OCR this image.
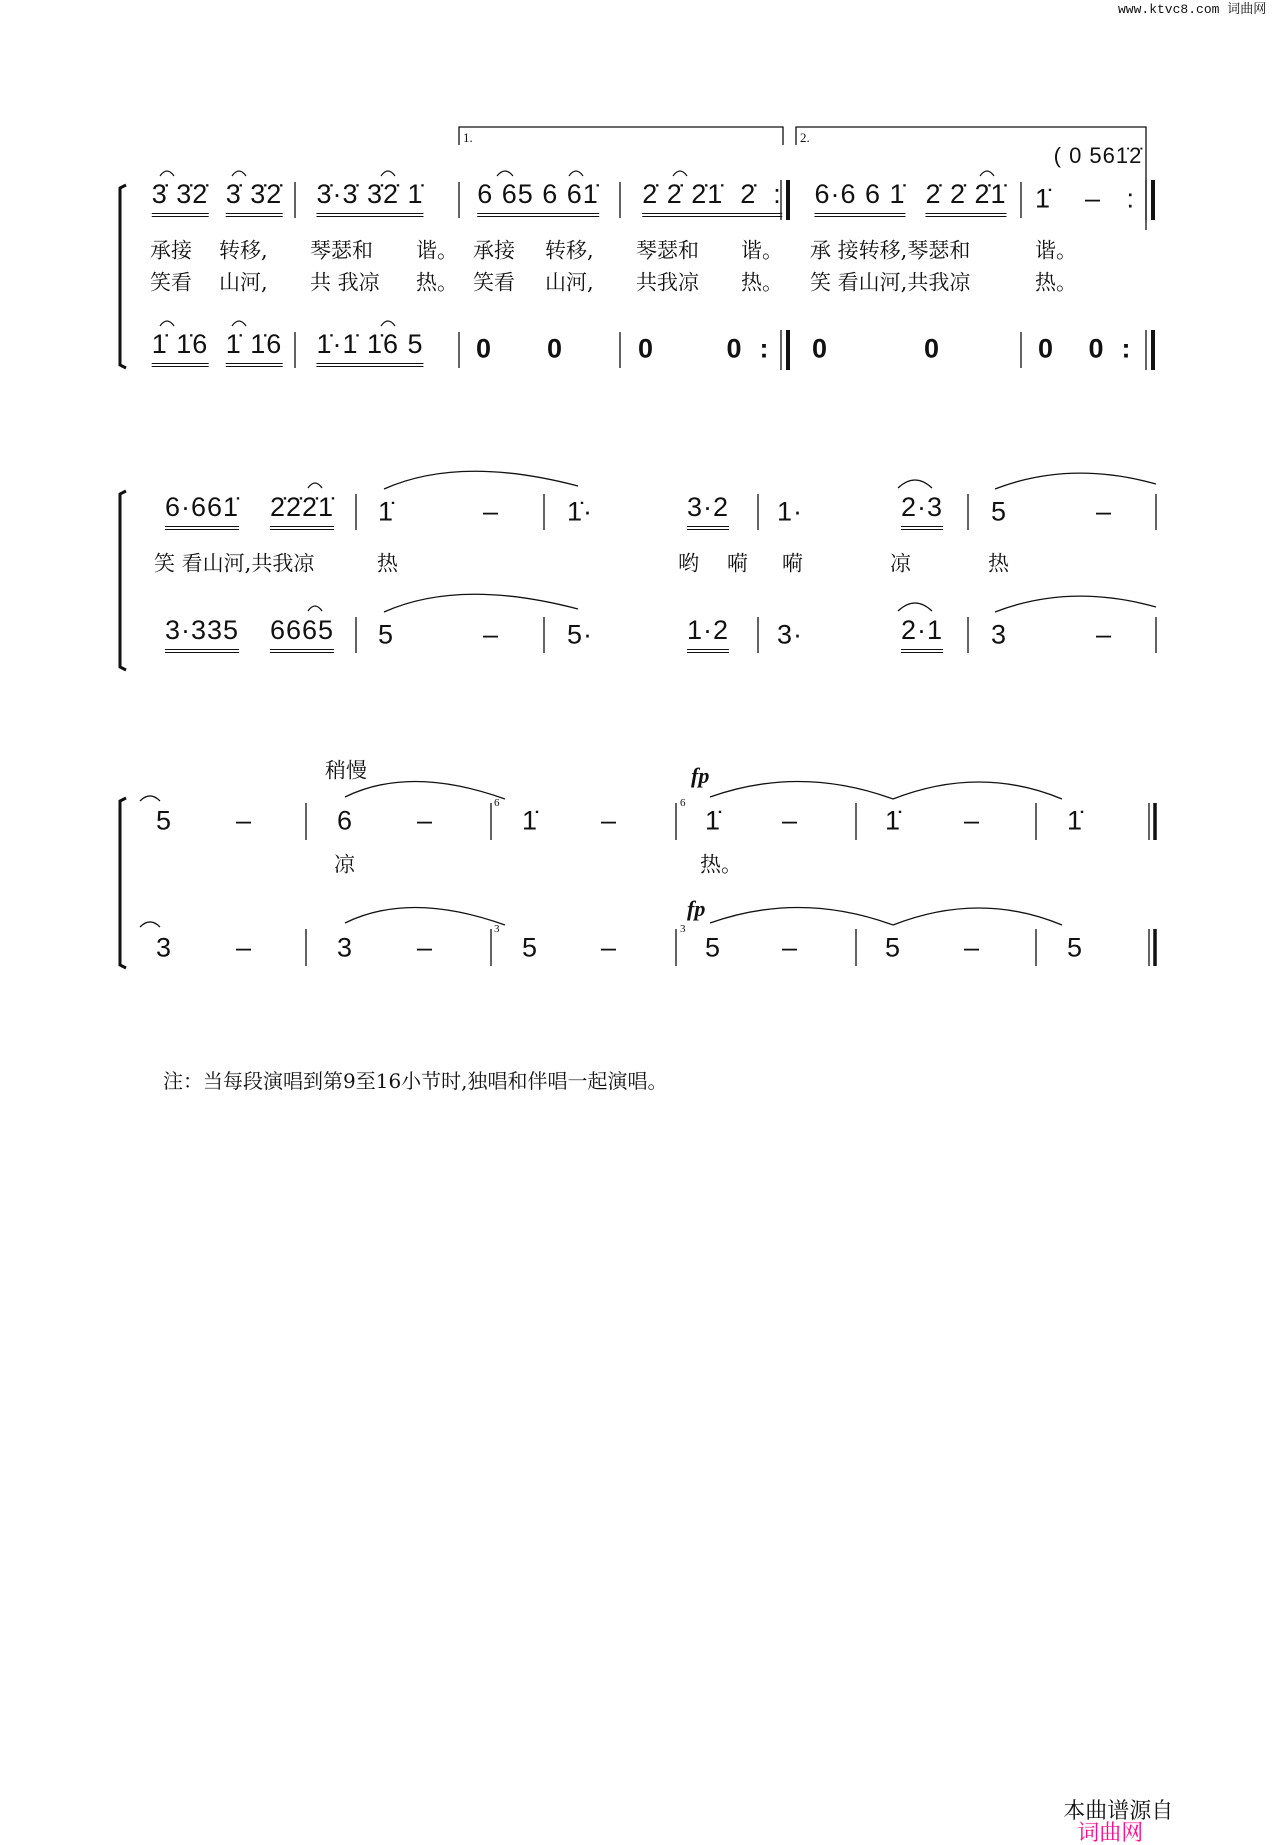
www.ktvc8.com 词曲网
1.	2.
3̇ 3̇2̇ 3̇ 3̇2̇ 3̇·3̇ 3̇2̇ 1̇ 6 65 6 61̇ 2̇ 2̇ 2̇1̇  2̇  : 6·6 6 1̇ 2̇ 2̇ 2̇1̇ 1̇    –   :
( 0 561̇2̇
承接 转移, 琴瑟和 谐。 承接 转移, 琴瑟和 谐。 承 接转移,琴瑟和	谐。
笑看 山河, 共 我凉 热。 笑看 山河, 共我凉 热。 笑 看山河,共我凉	热。
1̇ 1̇6 1̇ 1̇6 1̇·1̇ 1̇6 5 0 0	0	0  : 0	0	0 0  :
6·661̇ 2̇2̇2̇1̇ 1̇	–	1̇·	3·2 1·	2·3 5	–
笑 看山河,共我凉	热	哟 嗬 嗬	凉	热
3·335 6665 5	–	5·	1·2 3·	2·1 3	–
稍慢	fp
fp
6	6
3	3
5 –	6 –	1̇ –	1̇ –	1̇ –	1̇
凉	热。
3 –	3 –	5 –	5 –	5 –	5
注：当每段演唱到第9至16小节时,独唱和伴唱一起演唱。

本曲谱源自
词曲网
